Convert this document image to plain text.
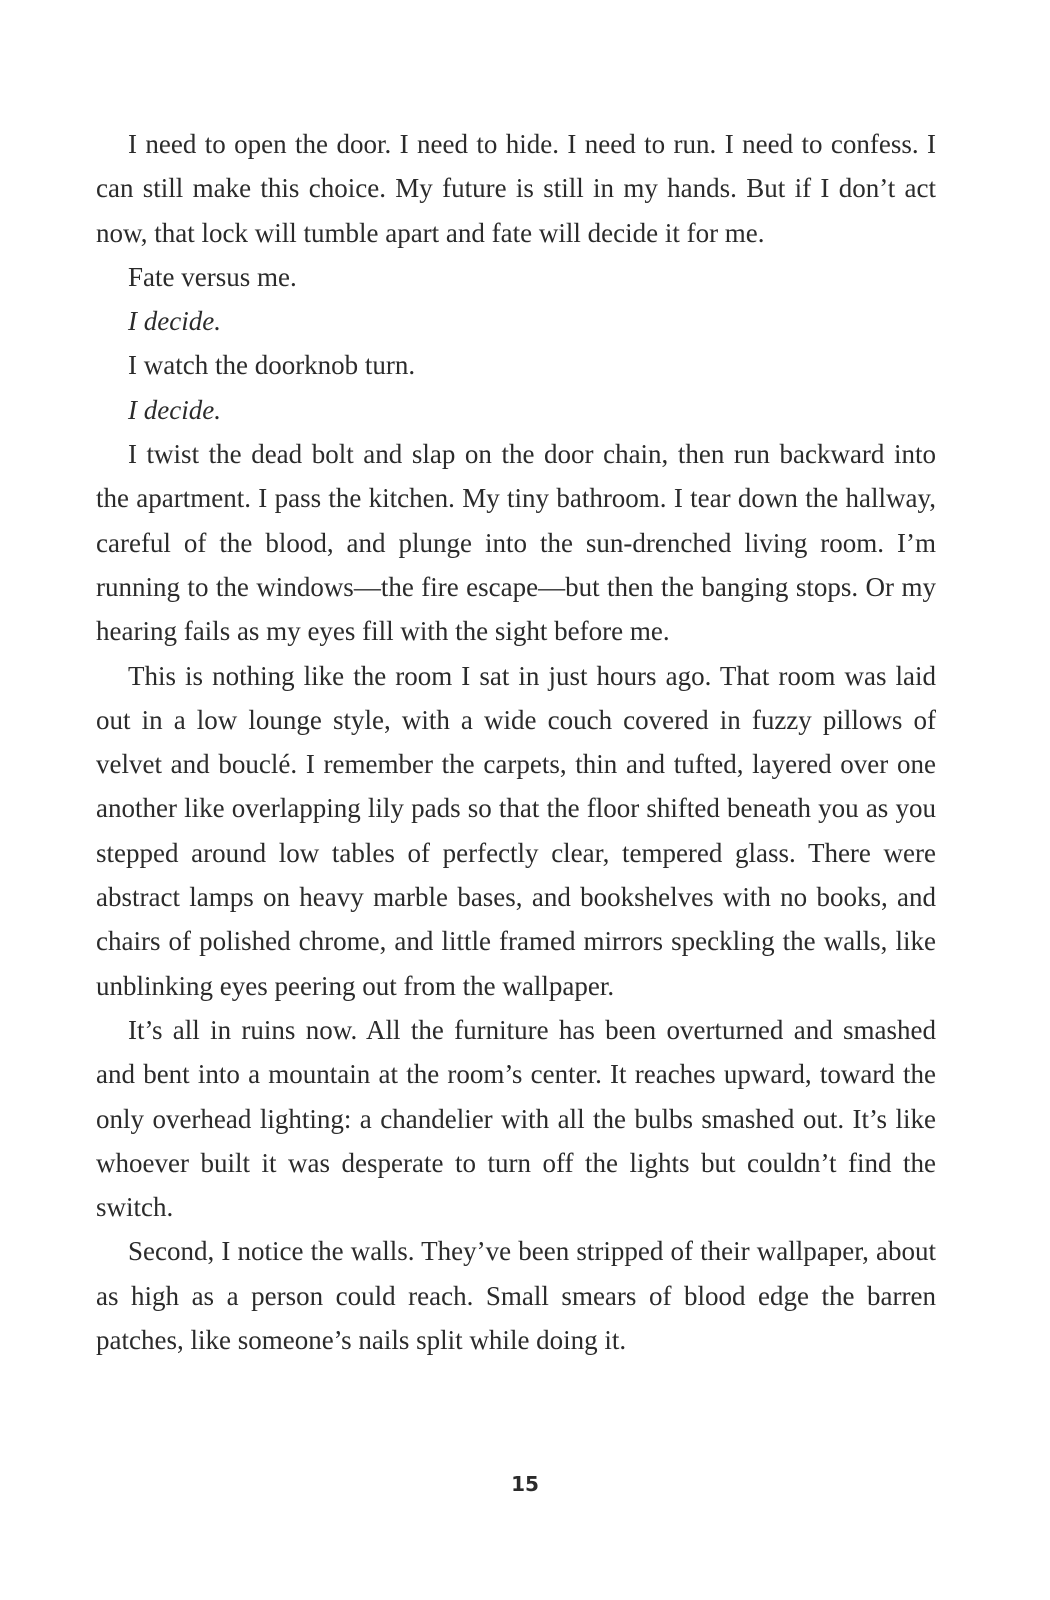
I need to open the door. I need to hide. I need to run. I need to confess. I can still make this choice. My future is still in my hands. But if I don’t act now, that lock will tumble apart and fate will decide it for me.

Fate versus me.

I decide.

I watch the doorknob turn.

I decide.

I twist the dead bolt and slap on the door chain, then run backward into the apartment. I pass the kitchen. My tiny bathroom. I tear down the hallway, careful of the blood, and plunge into the sun-drenched living room. I’m running to the windows—the fire escape—but then the banging stops. Or my hearing fails as my eyes fill with the sight before me.

This is nothing like the room I sat in just hours ago. That room was laid out in a low lounge style, with a wide couch covered in fuzzy pillows of velvet and bouclé. I remember the carpets, thin and tufted, layered over one another like overlapping lily pads so that the floor shifted beneath you as you stepped around low tables of perfectly clear, tempered glass. There were abstract lamps on heavy marble bases, and bookshelves with no books, and chairs of polished chrome, and little framed mirrors speckling the walls, like unblinking eyes peering out from the wallpaper.

It’s all in ruins now. All the furniture has been overturned and smashed and bent into a mountain at the room’s center. It reaches upward, toward the only overhead lighting: a chandelier with all the bulbs smashed out. It’s like whoever built it was desperate to turn off the lights but couldn’t find the switch.

Second, I notice the walls. They’ve been stripped of their wallpaper, about as high as a person could reach. Small smears of blood edge the barren patches, like someone’s nails split while doing it.

15
